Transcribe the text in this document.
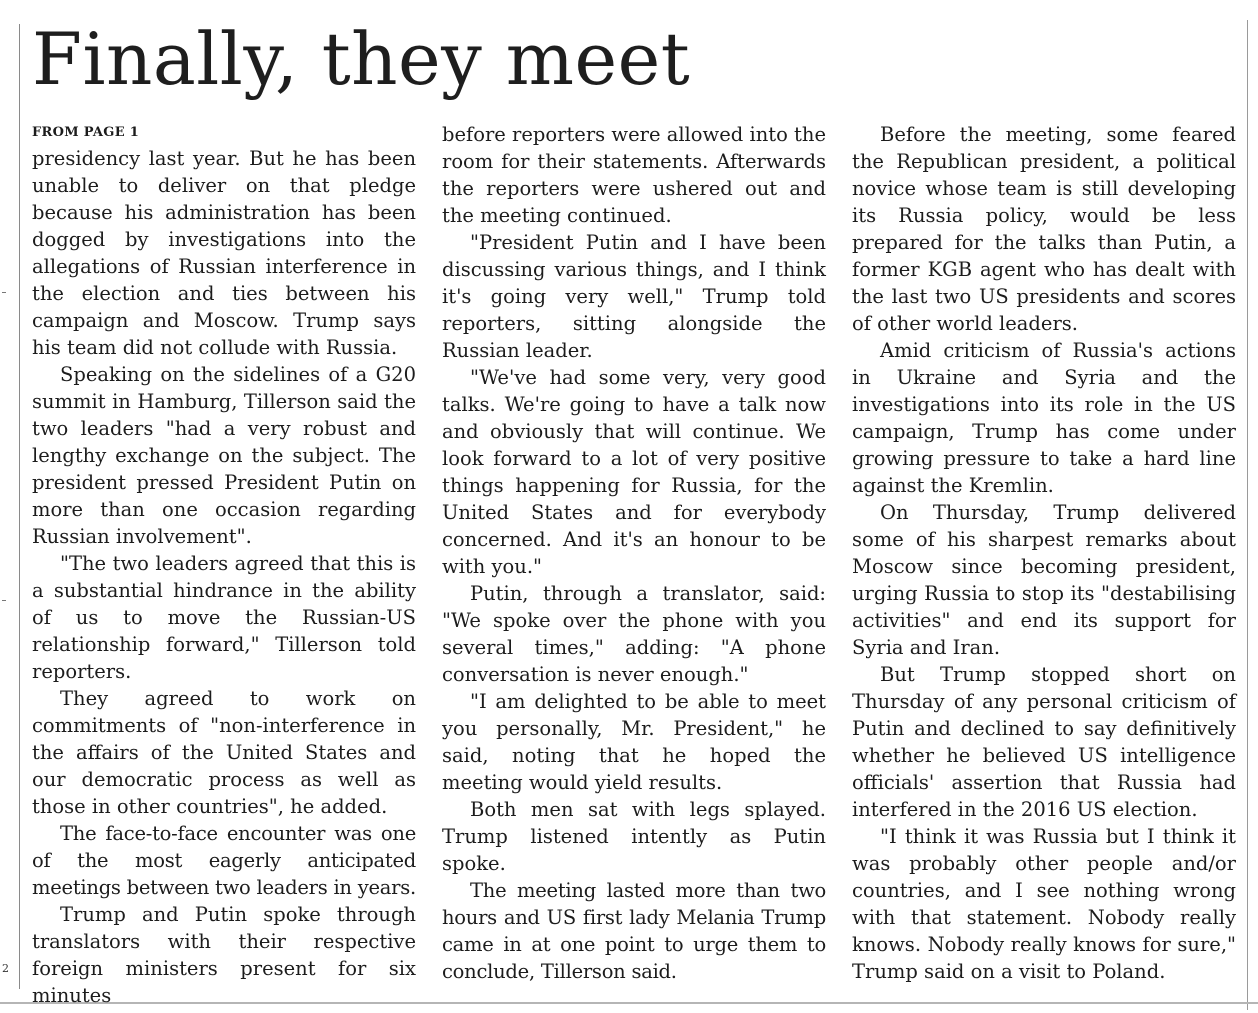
2
Finally, they meet
FROM PAGE 1

presidency last year. But he has been unable to deliver on that pledge because his administration has been dogged by investigations into the allegations of Russian interference in the election and ties between his campaign and Moscow. Trump says his team did not collude with Russia.

Speaking on the sidelines of a G20 summit in Hamburg, Tillerson said the two leaders "had a very robust and lengthy exchange on the subject. The president pressed President Putin on more than one occasion regarding Russian involvement".

"The two leaders agreed that this is a substantial hindrance in the ability of us to move the Russian-US relationship forward," Tillerson told reporters.

They agreed to work on commitments of "non-interference in the affairs of the United States and our democratic process as well as those in other countries", he added.

The face-to-face encounter was one of the most eagerly anticipated meetings between two leaders in years.

Trump and Putin spoke through translators with their respective foreign ministers present for six minutes

before reporters were allowed into the room for their statements. Afterwards the reporters were ushered out and the meeting continued.

"President Putin and I have been discussing various things, and I think it's going very well," Trump told reporters, sitting alongside the Russian leader.

"We've had some very, very good talks. We're going to have a talk now and obviously that will continue. We look forward to a lot of very positive things happening for Russia, for the United States and for everybody concerned. And it's an honour to be with you."

Putin, through a translator, said: "We spoke over the phone with you several times," adding: "A phone conversation is never enough."

"I am delighted to be able to meet you personally, Mr. President," he said, noting that he hoped the meeting would yield results.

Both men sat with legs splayed. Trump listened intently as Putin spoke.

The meeting lasted more than two hours and US first lady Melania Trump came in at one point to urge them to conclude, Tillerson said.

Before the meeting, some feared the Republican president, a political novice whose team is still developing its Russia policy, would be less prepared for the talks than Putin, a former KGB agent who has dealt with the last two US presidents and scores of other world leaders.

Amid criticism of Russia's actions in Ukraine and Syria and the investigations into its role in the US campaign, Trump has come under growing pressure to take a hard line against the Kremlin.

On Thursday, Trump delivered some of his sharpest remarks about Moscow since becoming president, urging Russia to stop its "destabilising activities" and end its support for Syria and Iran.

But Trump stopped short on Thursday of any personal criticism of Putin and declined to say definitively whether he believed US intelligence officials' assertion that Russia had interfered in the 2016 US election.

"I think it was Russia but I think it was probably other people and/or countries, and I see nothing wrong with that statement. Nobody really knows. Nobody really knows for sure," Trump said on a visit to Poland.
